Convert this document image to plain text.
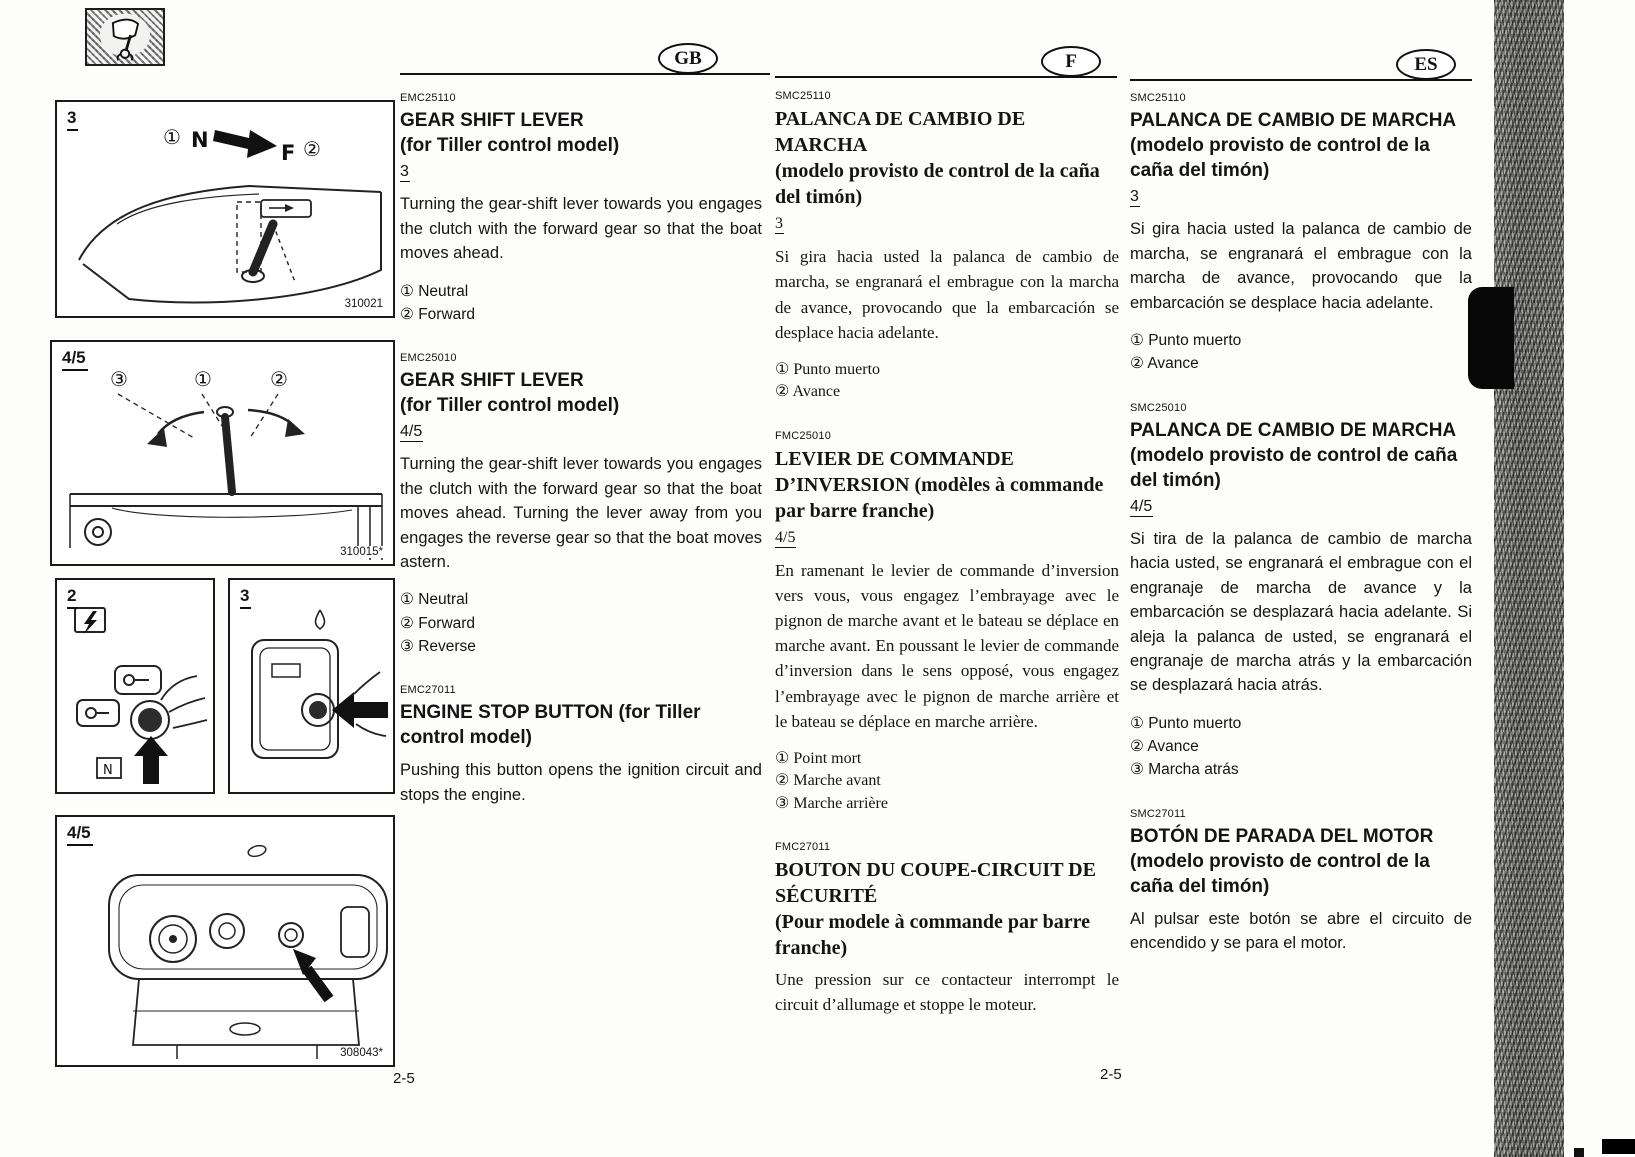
GB	F	ES
3
① N
F ②
310021
4/5
③	①	②
310015*
2
N
3
4/5
308043*
EMC25110
GEAR SHIFT LEVER
(for Tiller control model)
3

Turning the gear-shift lever towards you engages the clutch with the forward gear so that the boat moves ahead.

① Neutral
② Forward
EMC25010
GEAR SHIFT LEVER
(for Tiller control model)
4/5

Turning the gear-shift lever towards you engages the clutch with the forward gear so that the boat moves ahead. Turning the lever away from you engages the reverse gear so that the boat moves astern.

① Neutral
② Forward
③ Reverse
EMC27011
ENGINE STOP BUTTON (for Tiller control model)

Pushing this button opens the ignition circuit and stops the engine.

SMC25110
PALANCA DE CAMBIO DE MARCHA
(modelo provisto de control de la caña del timón)
3

Si gira hacia usted la palanca de cambio de marcha, se engranará el embrague con la marcha de avance, provocando que la embarcación se desplace hacia adelante.

① Punto muerto
② Avance
FMC25010
LEVIER DE COMMANDE D’INVERSION (modèles à commande par barre franche)
4/5

En ramenant le levier de commande d’inversion vers vous, vous engagez l’embrayage avec le pignon de marche avant et le bateau se déplace en marche avant. En poussant le levier de commande d’inversion dans le sens opposé, vous engagez l’embrayage avec le pignon de marche arrière et le bateau se déplace en marche arrière.

① Point mort
② Marche avant
③ Marche arrière
FMC27011
BOUTON DU COUPE-CIRCUIT DE SÉCURITÉ
(Pour modele à commande par barre franche)

Une pression sur ce contacteur interrompt le circuit d’allumage et stoppe le moteur.

SMC25110
PALANCA DE CAMBIO DE MARCHA
(modelo provisto de control de la caña del timón)
3

Si gira hacia usted la palanca de cambio de marcha, se engranará el embrague con la marcha de avance, provocando que la embarcación se desplace hacia adelante.

① Punto muerto
② Avance
SMC25010
PALANCA DE CAMBIO DE MARCHA
(modelo provisto de control de caña del timón)
4/5

Si tira de la palanca de cambio de marcha hacia usted, se engranará el embrague con el engranaje de marcha de avance y la embarcación se desplazará hacia adelante. Si aleja la palanca de usted, se engranará el engranaje de marcha atrás y la embarcación se desplazará hacia atrás.

① Punto muerto
② Avance
③ Marcha atrás
SMC27011
BOTÓN DE PARADA DEL MOTOR (modelo provisto de control de la caña del timón)

Al pulsar este botón se abre el circuito de encendido y se para el motor.

2-5	2-5
